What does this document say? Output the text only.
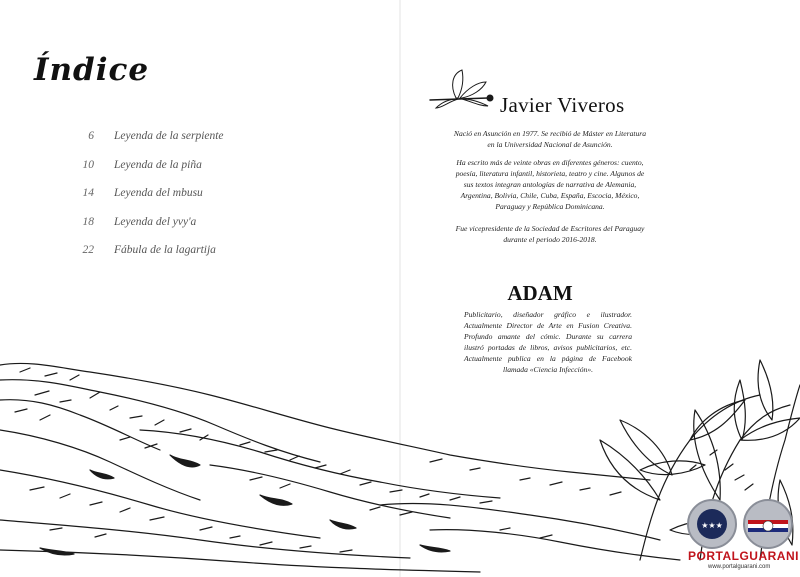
Índice
6 Leyenda de la serpiente
10 Leyenda de la piña
14 Leyenda del mbusu
18 Leyenda del yvy'a
22 Fábula de la lagartija
Javier Viveros
Nació en Asunción en 1977. Se recibió de Máster en Literatura en la Universidad Nacional de Asunción.
Ha escrito más de veinte obras en diferentes géneros: cuento, poesía, literatura infantil, historieta, teatro y cine. Algunos de sus textos integran antologías de narrativa de Alemania, Argentina, Bolivia, Chile, Cuba, España, Escocia, México, Paraguay y República Dominicana.
Fue vicepresidente de la Sociedad de Escritores del Paraguay durante el periodo 2016-2018.
ADAM
Publicitario, diseñador gráfico e ilustrador. Actualmente Director de Arte en Fusion Creativa. Profundo amante del cómic. Durante su carrera ilustró portadas de libros, avisos publicitarios, etc. Actualmente publica en la página de Facebook llamada «Ciencia Infección».
★★★
PORTALGUARANI
www.portalguarani.com
